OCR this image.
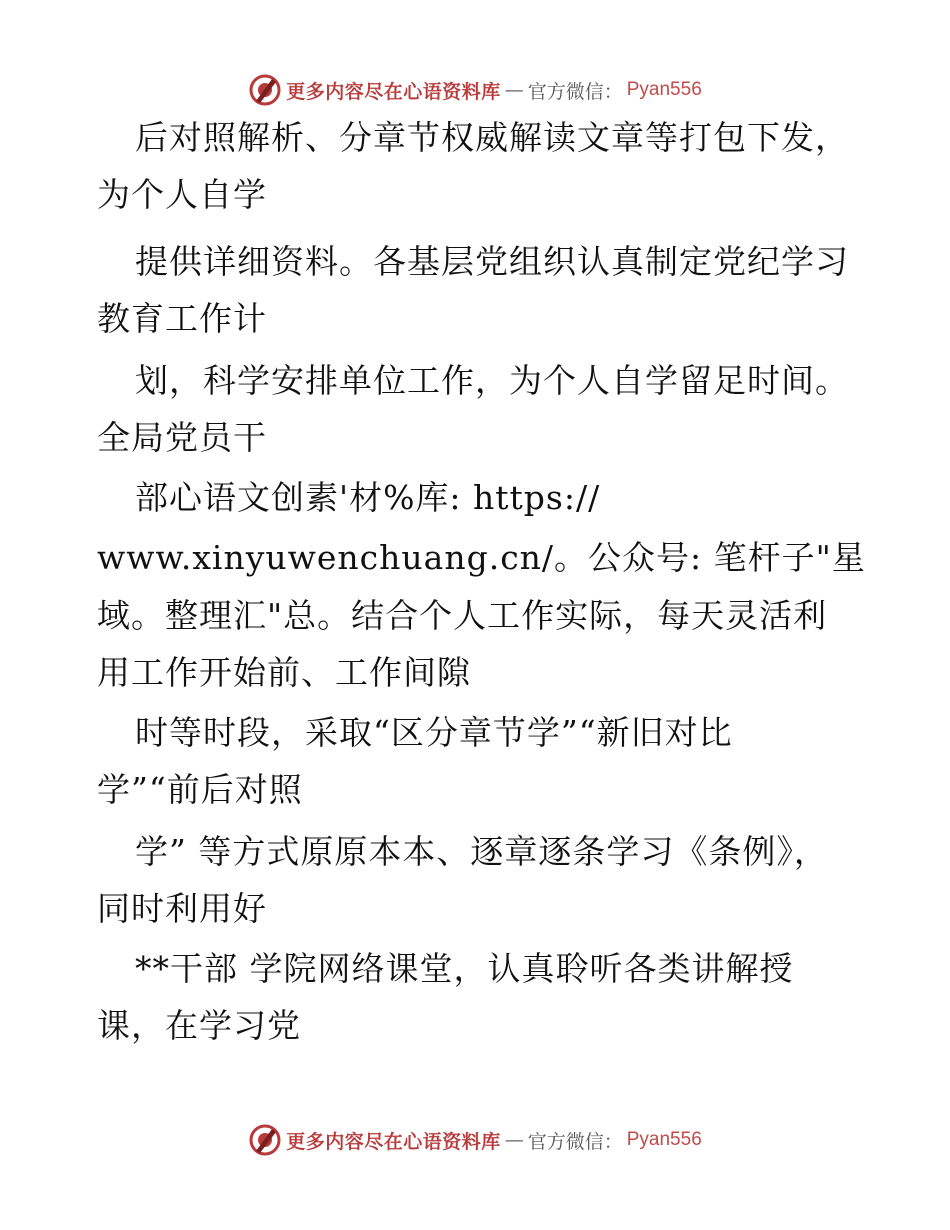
更多内容尽在心语资料库 — 官方微信： Pyan556
后对照解析、分章节权威解读文章等打包下发，
为个人自学
提供详细资料。各基层党组织认真制定党纪学习
教育工作计
划，科学安排单位工作，为个人自学留足时间。
全局党员干
部心语文创素'材%库: https://
www.xinyuwenchuang.cn/。公众号: 笔杆子"星
域。整理汇"总。结合个人工作实际，每天灵活利
用工作开始前、工作间隙
时等时段，采取“区分章节学”“新旧对比
学”“前后对照
学” 等方式原原本本、逐章逐条学习《条例》，
同时利用好
**干部 学院网络课堂，认真聆听各类讲解授
课，在学习党
更多内容尽在心语资料库 — 官方微信： Pyan556
